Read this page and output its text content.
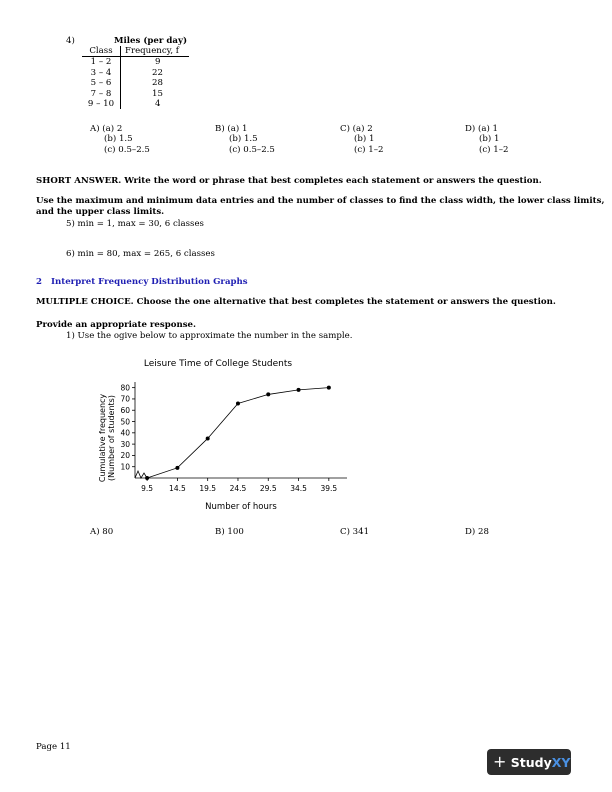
4)	Miles (per day)
Class	Frequency, f
1 – 2	9
3 – 4	22
5 – 6	28
7 – 8	15
9 – 10	4
A) (a) 2
(b) 1.5
(c) 0.5–2.5
B) (a) 1
(b) 1.5
(c) 0.5–2.5
C) (a) 2
(b) 1
(c) 1–2
D) (a) 1
(b) 1
(c) 1–2
SHORT ANSWER. Write the word or phrase that best completes each statement or answers the question.
Use the maximum and minimum data entries and the number of classes to find the class width, the lower class limits,
and the upper class limits.
5) min = 1, max = 30, 6 classes
6) min = 80, max = 265, 6 classes
2 Interpret Frequency Distribution Graphs
MULTIPLE CHOICE. Choose the one alternative that best completes the statement or answers the question.
Provide an appropriate response.
1) Use the ogive below to approximate the number in the sample.
Leisure Time of College Students
Cumulative frequency (Number of students) 10
20
30
40
50
60
70
80
9.5 14.5 19.5 24.5 29.5 34.5 39.5
Number of hours
A) 80	B) 100	C) 341	D) 28
Page 11
+ StudyXY
